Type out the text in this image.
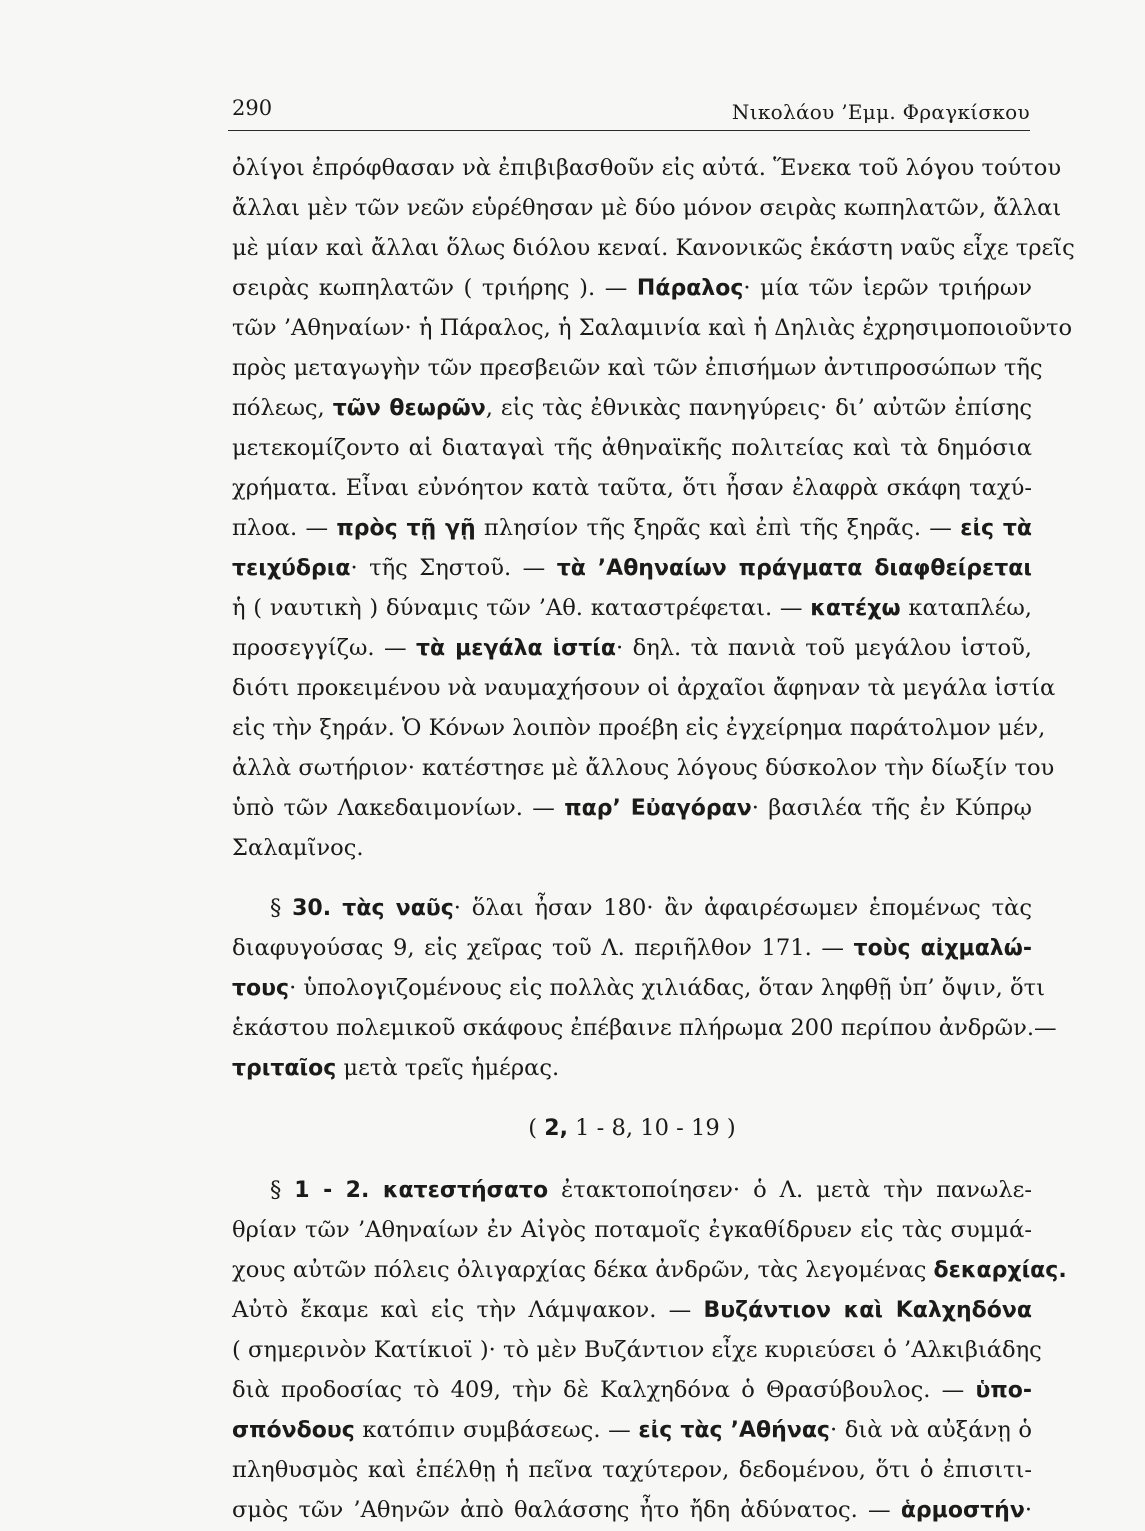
290	Νικολάου ’Εμμ. Φραγκίσκου
ὀλίγοι ἐπρόφθασαν νὰ ἐπιβιβασθοῦν εἰς αὐτά. Ἕνεκα τοῦ λόγου τούτου
ἄλλαι μὲν τῶν νεῶν εὑρέθησαν μὲ δύο μόνον σειρὰς κωπηλατῶν, ἄλλαι
μὲ μίαν καὶ ἄλλαι ὅλως διόλου κεναί. Κανονικῶς ἑκάστη ναῦς εἶχε τρεῖς
σειρὰς κωπηλατῶν ( τριήρης ). — Πάραλος· μία τῶν ἱερῶν τριήρων
τῶν ’Αθηναίων· ἡ Πάραλος, ἡ Σαλαμινία καὶ ἡ Δηλιὰς ἐχρησιμοποιοῦντο
πρὸς μεταγωγὴν τῶν πρεσβειῶν καὶ τῶν ἐπισήμων ἀντιπροσώπων τῆς
πόλεως, τῶν θεωρῶν, εἰς τὰς ἐθνικὰς πανηγύρεις· δι’ αὐτῶν ἐπίσης
μετεκομίζοντο αἱ διαταγαὶ τῆς ἀθηναϊκῆς πολιτείας καὶ τὰ δημόσια
χρήματα. Εἶναι εὐνόητον κατὰ ταῦτα, ὅτι ἦσαν ἐλαφρὰ σκάφη ταχύ-
πλοα. — πρὸς τῇ γῇ πλησίον τῆς ξηρᾶς καὶ ἐπὶ τῆς ξηρᾶς. — εἰς τὰ
τειχύδρια· τῆς Σηστοῦ. — τὰ ’Αθηναίων πράγματα διαφθείρεται
ἡ ( ναυτικὴ ) δύναμις τῶν ’Αθ. καταστρέφεται. — κατέχω καταπλέω,
προσεγγίζω. — τὰ μεγάλα ἱστία· δηλ. τὰ πανιὰ τοῦ μεγάλου ἱστοῦ,
διότι προκειμένου νὰ ναυμαχήσουν οἱ ἀρχαῖοι ἄφηναν τὰ μεγάλα ἱστία
εἰς τὴν ξηράν. Ὁ Κόνων λοιπὸν προέβη εἰς ἐγχείρημα παράτολμον μέν,
ἀλλὰ σωτήριον· κατέστησε μὲ ἄλλους λόγους δύσκολον τὴν δίωξίν του
ὑπὸ τῶν Λακεδαιμονίων. — παρ’ Εὐαγόραν· βασιλέα τῆς ἐν Κύπρῳ
Σαλαμῖνος.
§ 30. τὰς ναῦς· ὅλαι ἦσαν 180· ἂν ἀφαιρέσωμεν ἑπομένως τὰς
διαφυγούσας 9, εἰς χεῖρας τοῦ Λ. περιῆλθον 171. — τοὺς αἰχμαλώ-
τους· ὑπολογιζομένους εἰς πολλὰς χιλιάδας, ὅταν ληφθῇ ὑπ’ ὄψιν, ὅτι
ἑκάστου πολεμικοῦ σκάφους ἐπέβαινε πλήρωμα 200 περίπου ἀνδρῶν.—
τριταῖος μετὰ τρεῖς ἡμέρας.
( 2, 1 - 8, 10 - 19 )
§ 1 - 2. κατεστήσατο ἐτακτοποίησεν· ὁ Λ. μετὰ τὴν πανωλε-
θρίαν τῶν ’Αθηναίων ἐν Αἰγὸς ποταμοῖς ἐγκαθίδρυεν εἰς τὰς συμμά-
χους αὐτῶν πόλεις ὀλιγαρχίας δέκα ἀνδρῶν, τὰς λεγομένας δεκαρχίας.
Αὐτὸ ἔκαμε καὶ εἰς τὴν Λάμψακον. — Βυζάντιον καὶ Καλχηδόνα
( σημερινὸν Κατίκιοϊ )· τὸ μὲν Βυζάντιον εἶχε κυριεύσει ὁ ’Αλκιβιάδης
διὰ προδοσίας τὸ 409, τὴν δὲ Καλχηδόνα ὁ Θρασύβουλος. — ὑπο-
σπόνδους κατόπιν συμβάσεως. — εἰς τὰς ’Αθήνας· διὰ νὰ αὐξάνῃ ὁ
πληθυσμὸς καὶ ἐπέλθῃ ἡ πεῖνα ταχύτερον, δεδομένου, ὅτι ὁ ἐπισιτι-
σμὸς τῶν ’Αθηνῶν ἀπὸ θαλάσσης ἦτο ἤδη ἀδύνατος. — ἁρμοστήν·
